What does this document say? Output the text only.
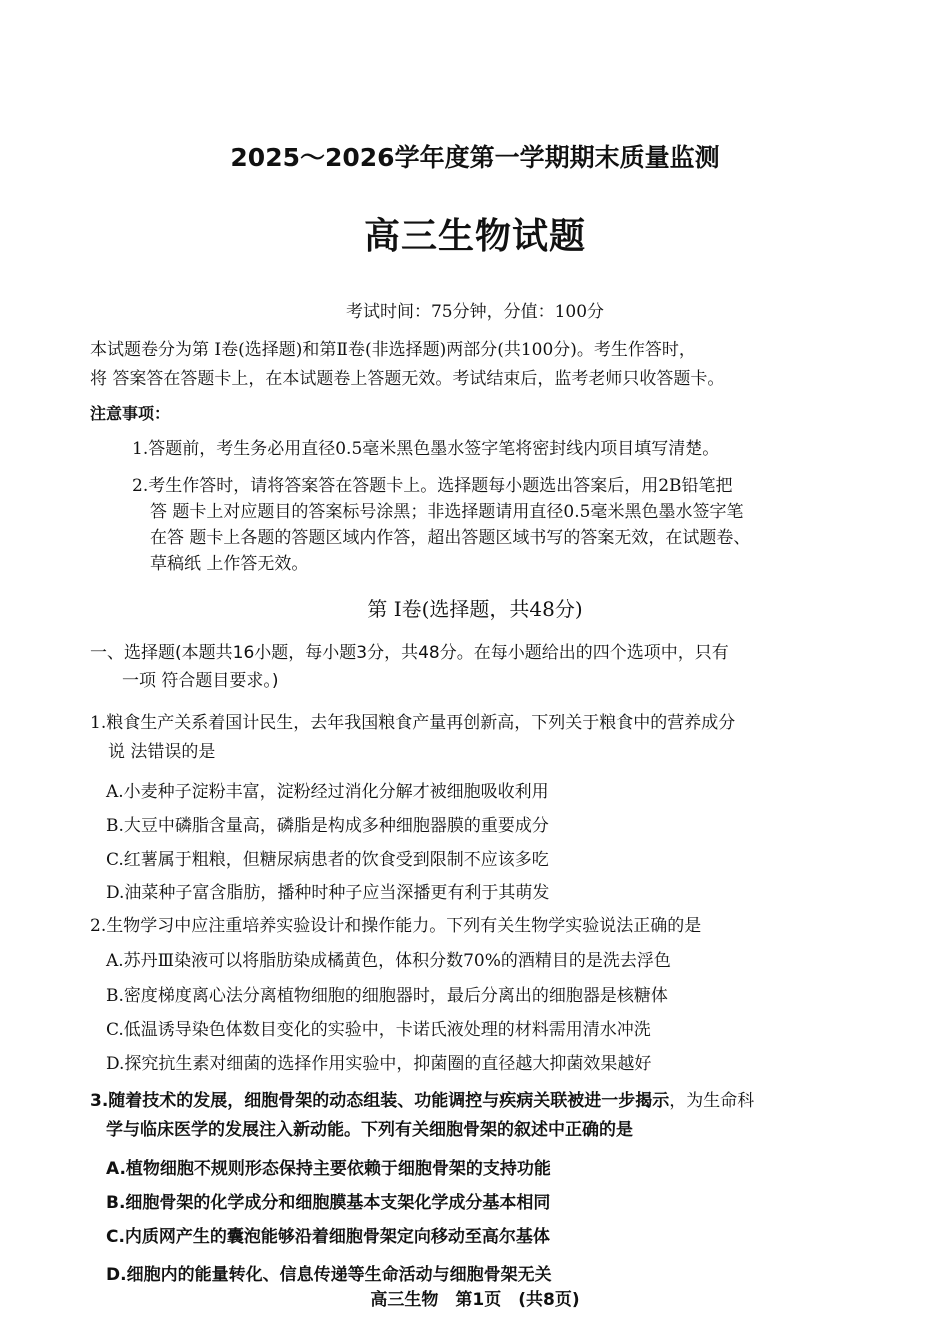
2025～2026学年度第一学期期末质量监测
高三生物试题
考试时间：75分钟，分值：100分
本试题卷分为第 Ⅰ卷(选择题)和第Ⅱ卷(非选择题)两部分(共100分)。考生作答时，
将 答案答在答题卡上，在本试题卷上答题无效。考试结束后，监考老师只收答题卡。
注意事项：
1.答题前，考生务必用直径0.5毫米黑色墨水签字笔将密封线内项目填写清楚。
2.考生作答时，请将答案答在答题卡上。选择题每小题选出答案后，用2B铅笔把
答 题卡上对应题目的答案标号涂黑；非选择题请用直径0.5毫米黑色墨水签字笔
在答 题卡上各题的答题区域内作答，超出答题区域书写的答案无效，在试题卷、
草稿纸 上作答无效。
第 Ⅰ卷(选择题，共48分)
一、选择题(本题共16小题，每小题3分，共48分。在每小题给出的四个选项中，只有
一项 符合题目要求。)
1.粮食生产关系着国计民生，去年我国粮食产量再创新高，下列关于粮食中的营养成分
说 法错误的是
A.小麦种子淀粉丰富，淀粉经过消化分解才被细胞吸收利用
B.大豆中磷脂含量高，磷脂是构成多种细胞器膜的重要成分
C.红薯属于粗粮，但糖尿病患者的饮食受到限制不应该多吃
D.油菜种子富含脂肪，播种时种子应当深播更有利于其萌发
2.生物学习中应注重培养实验设计和操作能力。下列有关生物学实验说法正确的是
A.苏丹Ⅲ染液可以将脂肪染成橘黄色，体积分数70%的酒精目的是洗去浮色
B.密度梯度离心法分离植物细胞的细胞器时，最后分离出的细胞器是核糖体
C.低温诱导染色体数目变化的实验中，卡诺氏液处理的材料需用清水冲洗
D.探究抗生素对细菌的选择作用实验中，抑菌圈的直径越大抑菌效果越好
3.随着技术的发展，细胞骨架的动态组装、功能调控与疾病关联被进一步揭示，为生命科
学与临床医学的发展注入新动能。下列有关细胞骨架的叙述中正确的是
A.植物细胞不规则形态保持主要依赖于细胞骨架的支持功能
B.细胞骨架的化学成分和细胞膜基本支架化学成分基本相同
C.内质网产生的囊泡能够沿着细胞骨架定向移动至高尔基体
D.细胞内的能量转化、信息传递等生命活动与细胞骨架无关
高三生物　第1页　(共8页)
